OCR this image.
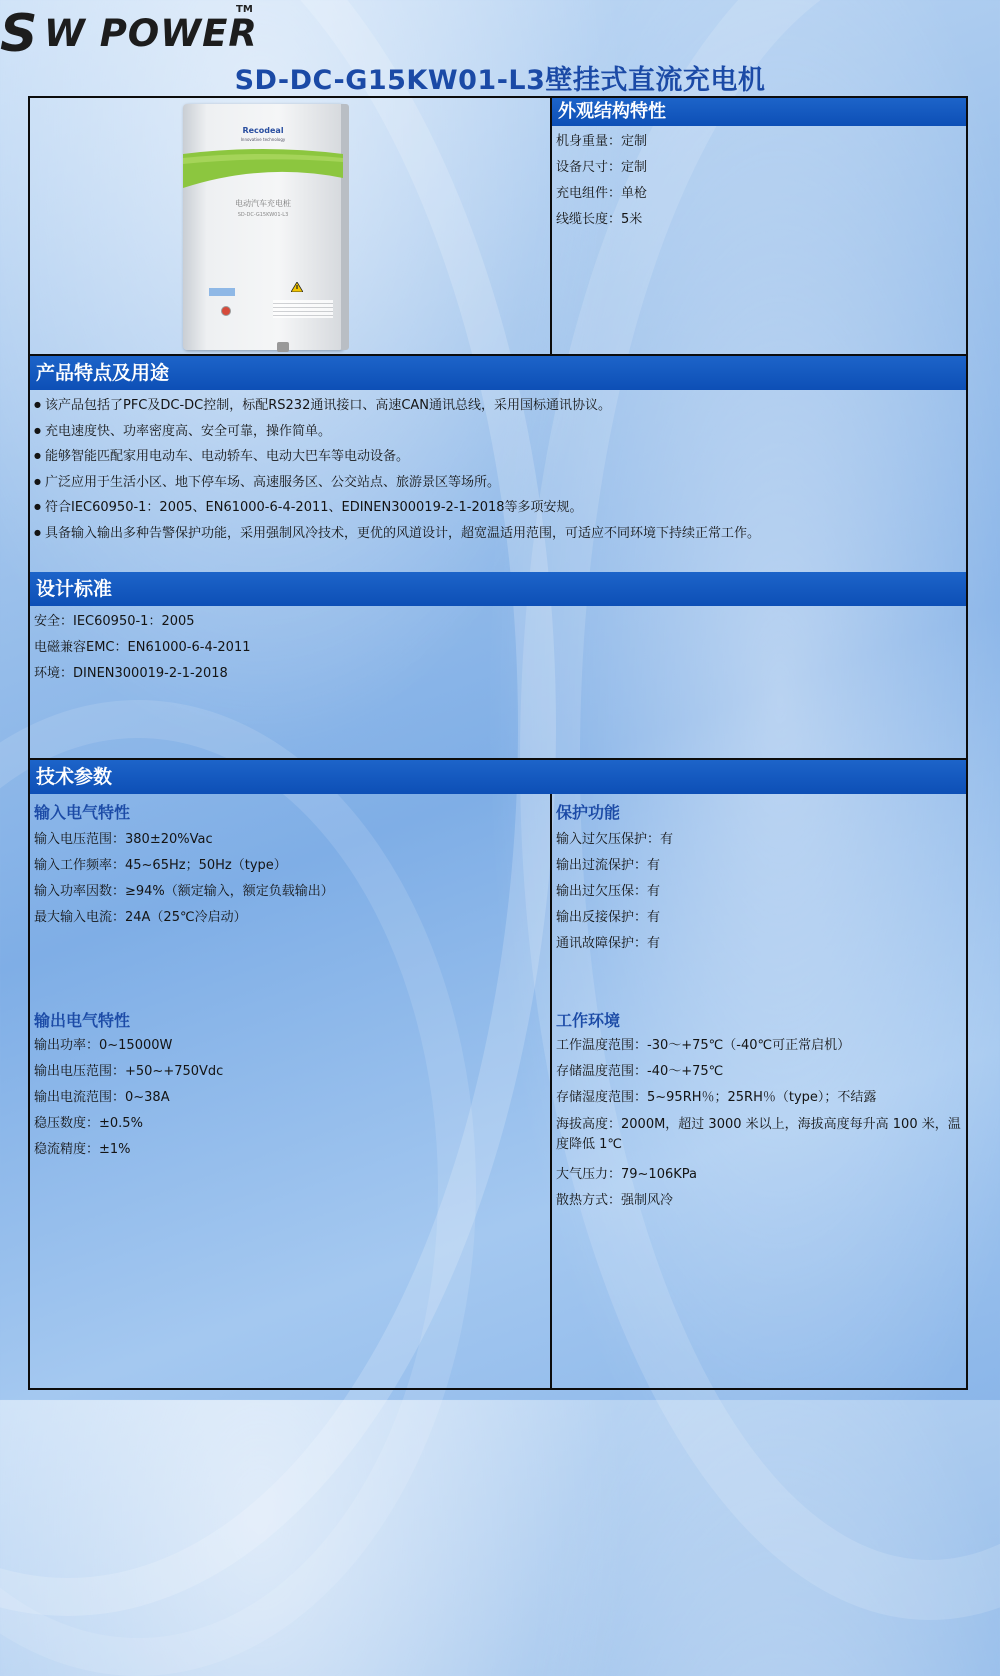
S W POWER
TM
SD-DC-G15KW01-L3壁挂式直流充电机
Recodeal
Innovative technology
电动汽车充电桩
SD-DC-G15KW01-L3
外观结构特性
机身重量：定制
设备尺寸：定制
充电组件：单枪
线缆长度：5米
产品特点及用途
● 该产品包括了PFC及DC-DC控制，标配RS232通讯接口、高速CAN通讯总线，采用国标通讯协议。
● 充电速度快、功率密度高、安全可靠，操作简单。
● 能够智能匹配家用电动车、电动轿车、电动大巴车等电动设备。
● 广泛应用于生活小区、地下停车场、高速服务区、公交站点、旅游景区等场所。
● 符合IEC60950-1：2005、EN61000-6-4-2011、EDINEN300019-2-1-2018等多项安规。
● 具备输入输出多种告警保护功能，采用强制风冷技术，更优的风道设计，超宽温适用范围，可适应不同环境下持续正常工作。
设计标准
安全：IEC60950-1：2005
电磁兼容EMC：EN61000-6-4-2011
环境：DINEN300019-2-1-2018
技术参数
输入电气特性
输入电压范围：380±20%Vac
输入工作频率：45~65Hz；50Hz（type）
输入功率因数：≥94%（额定输入，额定负载输出）
最大输入电流：24A（25℃冷启动）
保护功能
输入过欠压保护：有
输出过流保护：有
输出过欠压保：有
输出反接保护：有
通讯故障保护：有
输出电气特性
输出功率：0~15000W
输出电压范围：+50~+750Vdc
输出电流范围：0~38A
稳压数度：±0.5%
稳流精度：±1%
工作环境
工作温度范围：-30～+75℃（-40℃可正常启机）
存储温度范围：-40～+75℃
存储湿度范围：5~95RH％；25RH％（type）；不结露
海拔高度：2000M，超过 3000 米以上，海拔高度每升高 100 米，温度降低 1℃
大气压力：79~106KPa
散热方式：强制风冷
